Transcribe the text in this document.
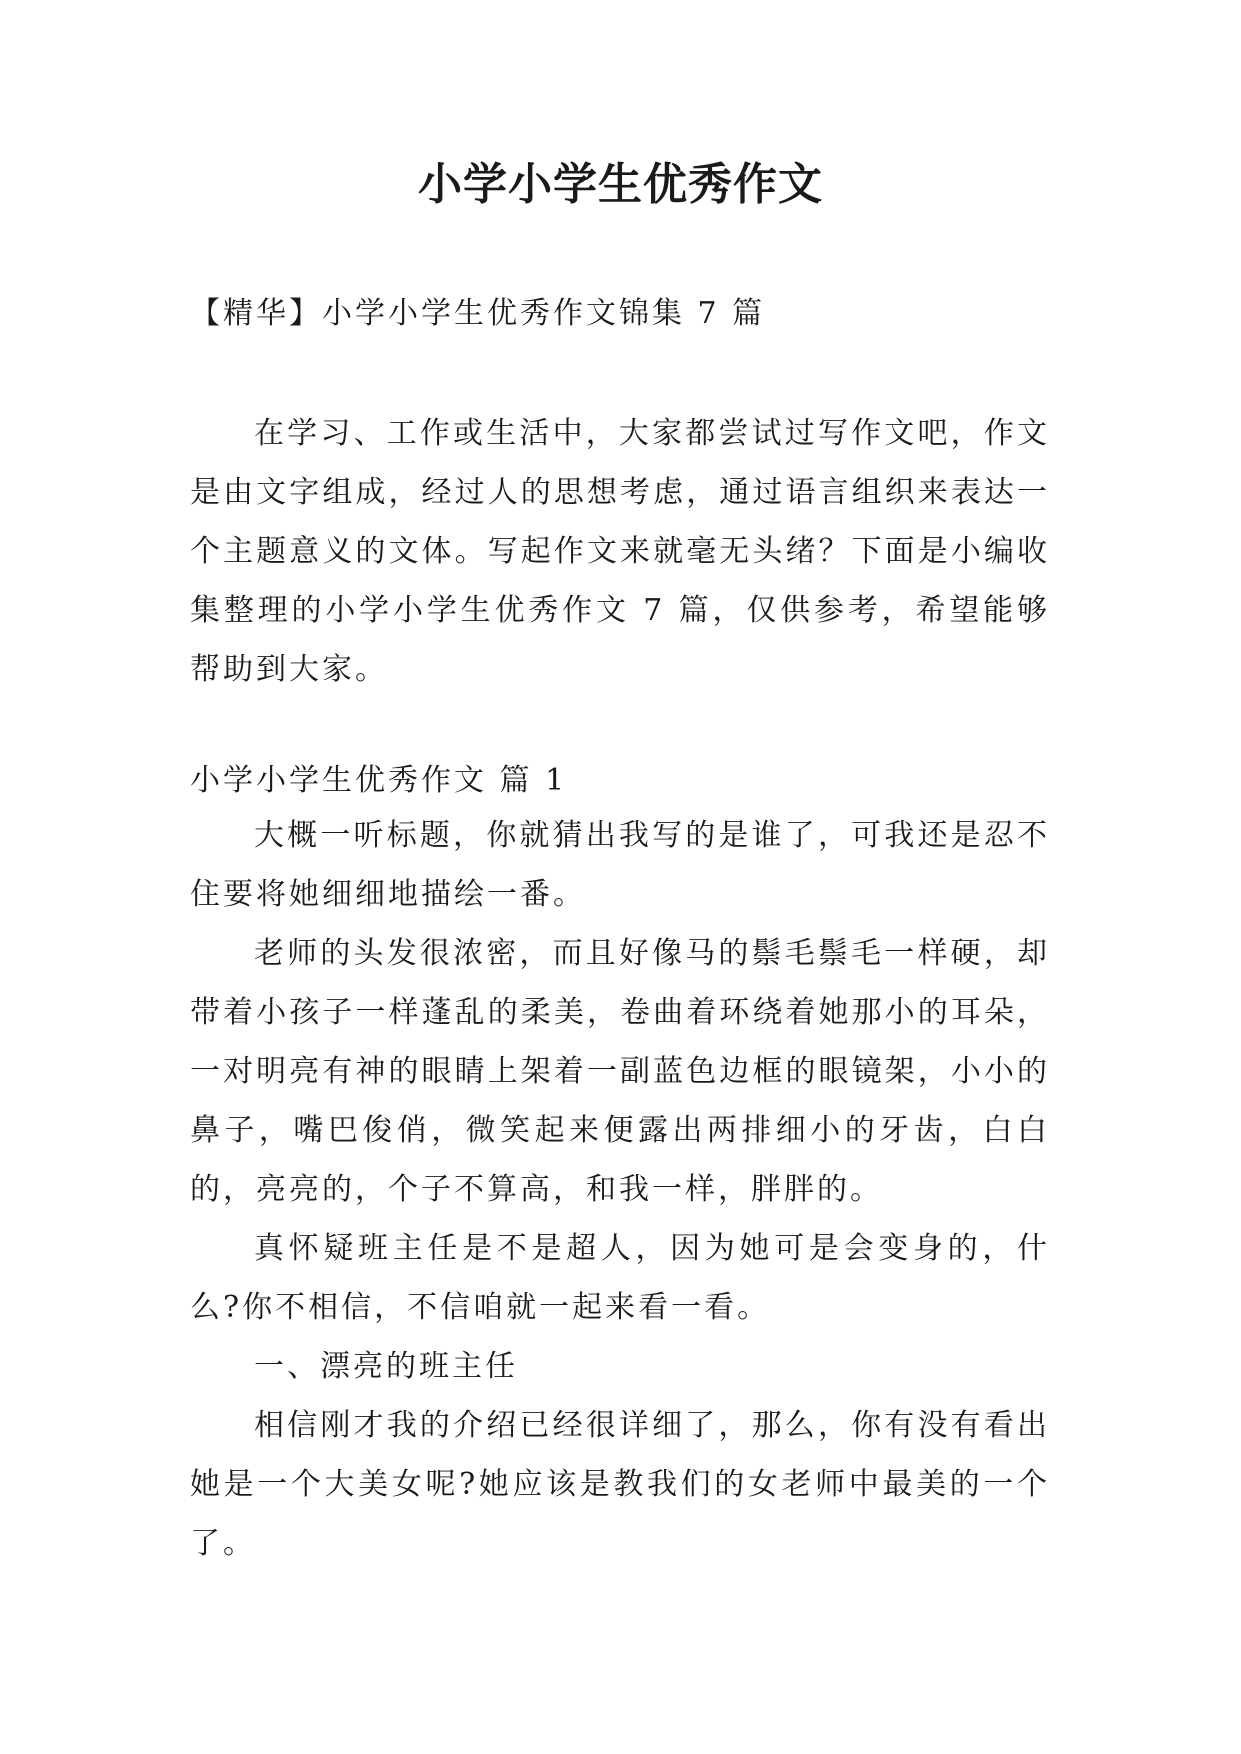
小学小学生优秀作文
【精华】小学小学生优秀作文锦集 7 篇

在学习、工作或生活中，大家都尝试过写作文吧，作文是由文字组成，经过人的思想考虑，通过语言组织来表达一个主题意义的文体。写起作文来就毫无头绪？下面是小编收集整理的小学小学生优秀作文 7 篇，仅供参考，希望能够帮助到大家。

小学小学生优秀作文 篇 1

大概一听标题，你就猜出我写的是谁了，可我还是忍不住要将她细细地描绘一番。

老师的头发很浓密，而且好像马的鬃毛鬃毛一样硬，却带着小孩子一样蓬乱的柔美，卷曲着环绕着她那小的耳朵，一对明亮有神的眼睛上架着一副蓝色边框的眼镜架，小小的鼻子，嘴巴俊俏，微笑起来便露出两排细小的牙齿，白白的，亮亮的，个子不算高，和我一样，胖胖的。

真怀疑班主任是不是超人，因为她可是会变身的，什么?你不相信，不信咱就一起来看一看。

一、漂亮的班主任

相信刚才我的介绍已经很详细了，那么，你有没有看出她是一个大美女呢?她应该是教我们的女老师中最美的一个了。
